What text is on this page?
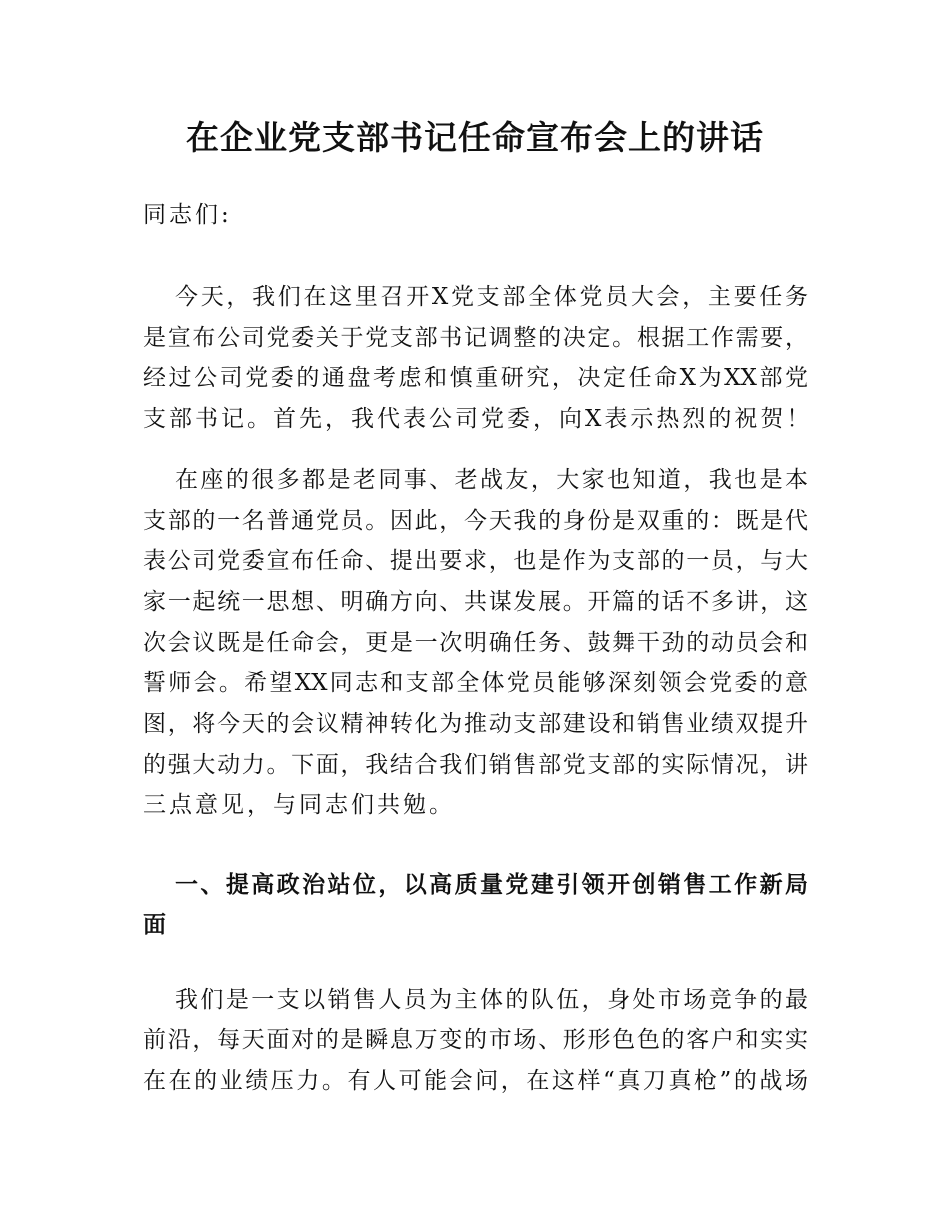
在企业党支部书记任命宣布会上的讲话
同志们:
今天，我们在这里召开X党支部全体党员大会，主要任务
是宣布公司党委关于党支部书记调整的决定。根据工作需要，
经过公司党委的通盘考虑和慎重研究，决定任命X为XX部党
支部书记。首先，我代表公司党委，向X表示热烈的祝贺！
在座的很多都是老同事、老战友，大家也知道，我也是本
支部的一名普通党员。因此，今天我的身份是双重的：既是代
表公司党委宣布任命、提出要求，也是作为支部的一员，与大
家一起统一思想、明确方向、共谋发展。开篇的话不多讲，这
次会议既是任命会，更是一次明确任务、鼓舞干劲的动员会和
誓师会。希望XX同志和支部全体党员能够深刻领会党委的意
图，将今天的会议精神转化为推动支部建设和销售业绩双提升
的强大动力。下面，我结合我们销售部党支部的实际情况，讲
三点意见，与同志们共勉。
一、提高政治站位，以高质量党建引领开创销售工作新局
面
我们是一支以销售人员为主体的队伍，身处市场竞争的最
前沿，每天面对的是瞬息万变的市场、形形色色的客户和实实
在在的业绩压力。有人可能会问，在这样“真刀真枪”的战场
